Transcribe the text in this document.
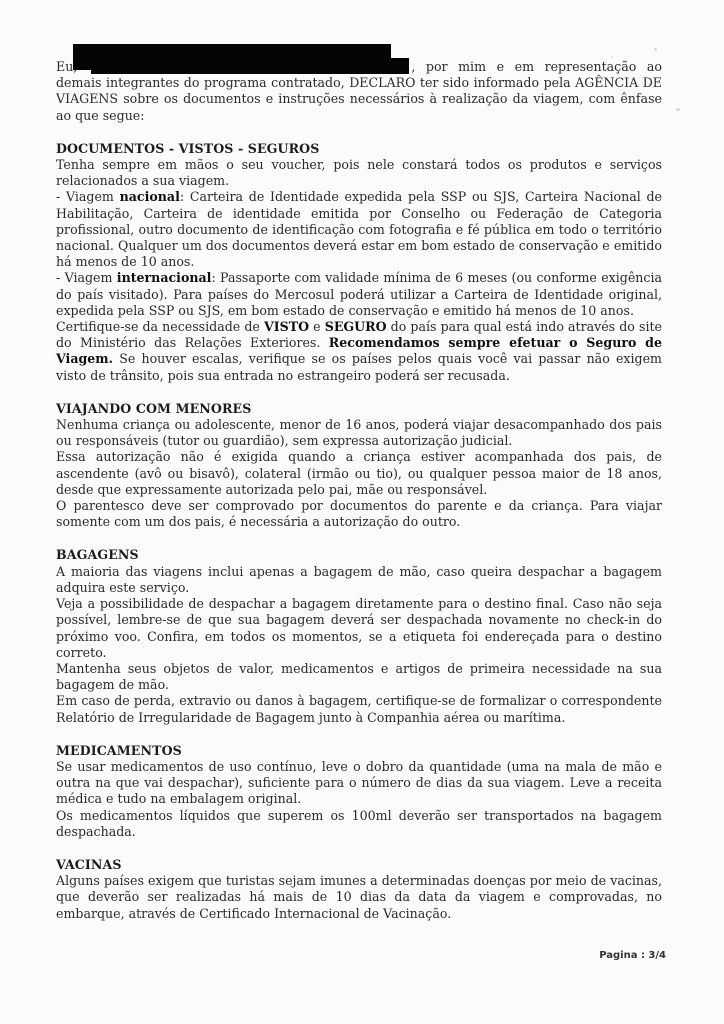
Eu,	, por mim e em representação ao demais integrantes do programa contratado, DECLARO ter sido informado pela AGÊNCIA DE VIAGENS sobre os documentos e instruções necessários à realização da viagem, com ênfase ao que segue:

DOCUMENTOS - VISTOS - SEGUROS

Tenha sempre em mãos o seu voucher, pois nele constará todos os produtos e serviços relacionados a sua viagem.

- Viagem nacional: Carteira de Identidade expedida pela SSP ou SJS, Carteira Nacional de Habilitação, Carteira de identidade emitida por Conselho ou Federação de Categoria profissional, outro documento de identificação com fotografia e fé pública em todo o território nacional. Qualquer um dos documentos deverá estar em bom estado de conservação e emitido há menos de 10 anos.

- Viagem internacional: Passaporte com validade mínima de 6 meses (ou conforme exigência do país visitado). Para países do Mercosul poderá utilizar a Carteira de Identidade original, expedida pela SSP ou SJS, em bom estado de conservação e emitido há menos de 10 anos.

Certifique-se da necessidade de VISTO e SEGURO do país para qual está indo através do site do Ministério das Relações Exteriores. Recomendamos sempre efetuar o Seguro de Viagem. Se houver escalas, verifique se os países pelos quais você vai passar não exigem visto de trânsito, pois sua entrada no estrangeiro poderá ser recusada.

VIAJANDO COM MENORES

Nenhuma criança ou adolescente, menor de 16 anos, poderá viajar desacompanhado dos pais ou responsáveis (tutor ou guardião), sem expressa autorização judicial.

Essa autorização não é exigida quando a criança estiver acompanhada dos pais, de ascendente (avô ou bisavô), colateral (irmão ou tio), ou qualquer pessoa maior de 18 anos, desde que expressamente autorizada pelo pai, mãe ou responsável.

O parentesco deve ser comprovado por documentos do parente e da criança. Para viajar somente com um dos pais, é necessária a autorização do outro.

BAGAGENS

A maioria das viagens inclui apenas a bagagem de mão, caso queira despachar a bagagem adquira este serviço.

Veja a possibilidade de despachar a bagagem diretamente para o destino final. Caso não seja possível, lembre-se de que sua bagagem deverá ser despachada novamente no check-in do próximo voo. Confira, em todos os momentos, se a etiqueta foi endereçada para o destino correto.

Mantenha seus objetos de valor, medicamentos e artigos de primeira necessidade na sua bagagem de mão.

Em caso de perda, extravio ou danos à bagagem, certifique-se de formalizar o correspondente Relatório de Irregularidade de Bagagem junto à Companhia aérea ou marítima.

MEDICAMENTOS

Se usar medicamentos de uso contínuo, leve o dobro da quantidade (uma na mala de mão e outra na que vai despachar), suficiente para o número de dias da sua viagem. Leve a receita médica e tudo na embalagem original.

Os medicamentos líquidos que superem os 100ml deverão ser transportados na bagagem despachada.

VACINAS

Alguns países exigem que turistas sejam imunes a determinadas doenças por meio de vacinas, que deverão ser realizadas há mais de 10 dias da data da viagem e comprovadas, no embarque, através de Certificado Internacional de Vacinação.

Pagina : 3/4
